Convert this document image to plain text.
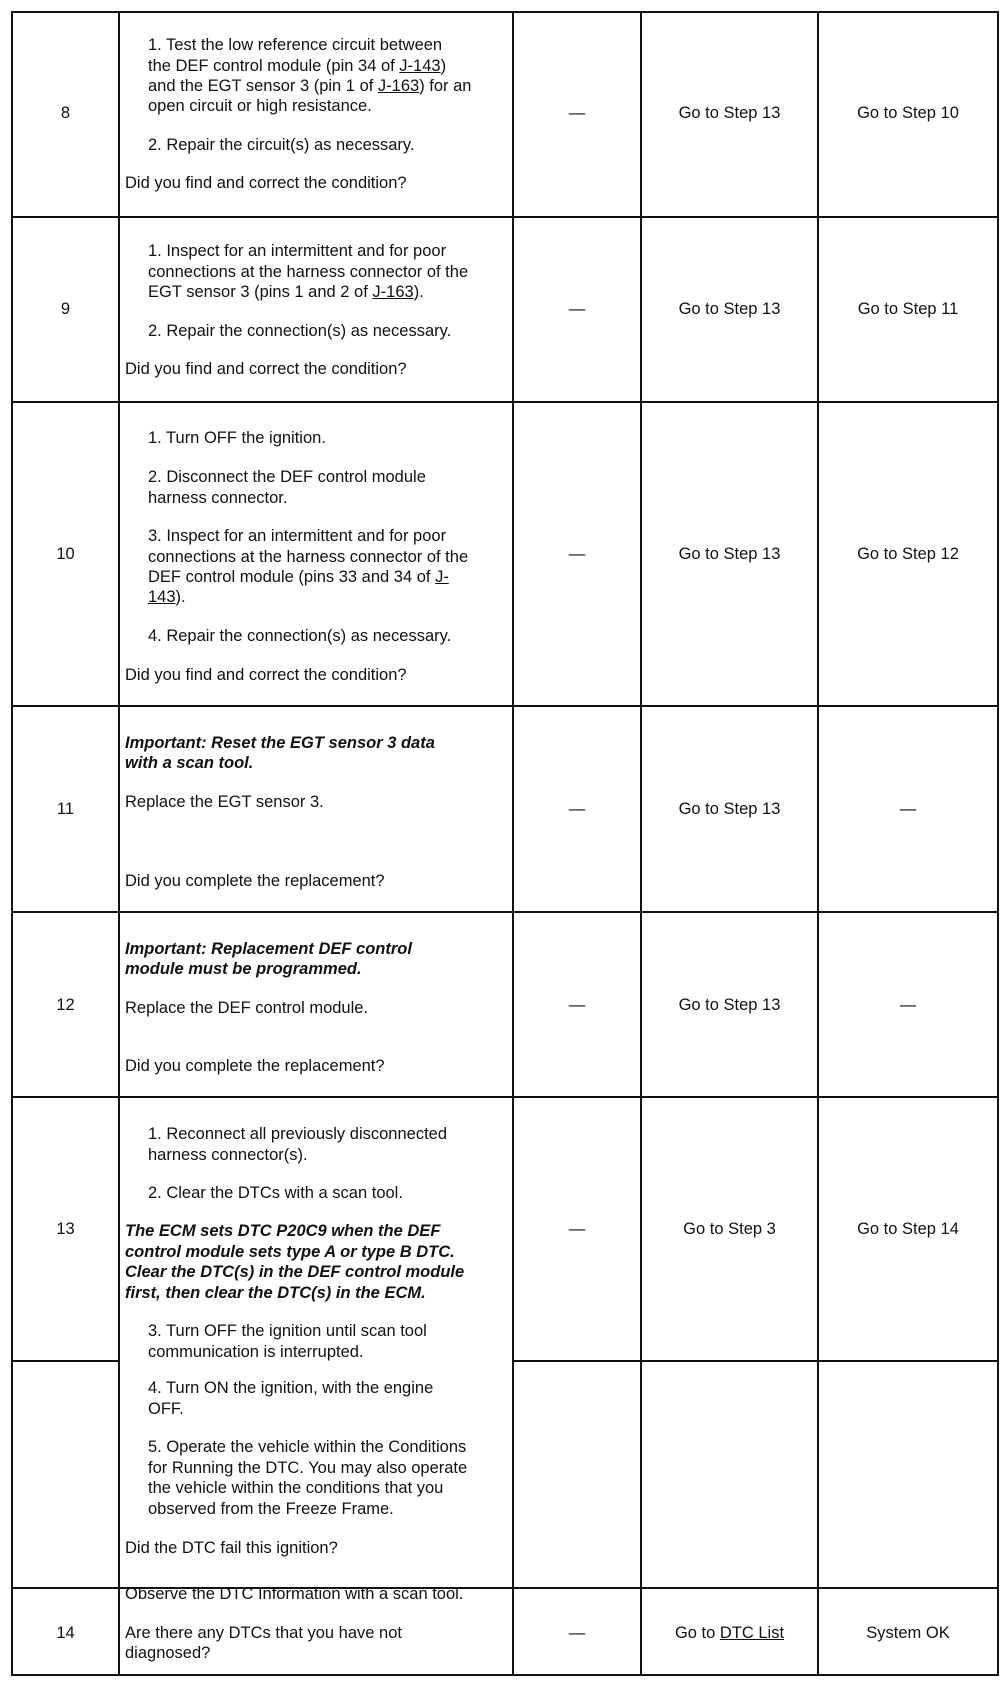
8
1. Test the low reference circuit between
the DEF control module (pin 34 of J-143)
and the EGT sensor 3 (pin 1 of J-163) for an
open circuit or high resistance.
2. Repair the circuit(s) as necessary.
Did you find and correct the condition?
—	Go to Step 13	Go to Step 10
9
1. Inspect for an intermittent and for poor
connections at the harness connector of the
EGT sensor 3 (pins 1 and 2 of J-163).
2. Repair the connection(s) as necessary.
Did you find and correct the condition?
—	Go to Step 13	Go to Step 11
10
1. Turn OFF the ignition.
2. Disconnect the DEF control module
harness connector.
3. Inspect for an intermittent and for poor
connections at the harness connector of the
DEF control module (pins 33 and 34 of J-
143).
4. Repair the connection(s) as necessary.
Did you find and correct the condition?
—	Go to Step 13	Go to Step 12
11
Important: Reset the EGT sensor 3 data
with a scan tool.
Replace the EGT sensor 3.
Did you complete the replacement?
—	Go to Step 13	—
12
Important: Replacement DEF control
module must be programmed.
Replace the DEF control module.
Did you complete the replacement?
—	Go to Step 13	—
13
1. Reconnect all previously disconnected
harness connector(s).
2. Clear the DTCs with a scan tool.
The ECM sets DTC P20C9 when the DEF
control module sets type A or type B DTC.
Clear the DTC(s) in the DEF control module
first, then clear the DTC(s) in the ECM.
3. Turn OFF the ignition until scan tool
communication is interrupted.
4. Turn ON the ignition, with the engine
OFF.
5. Operate the vehicle within the Conditions
for Running the DTC. You may also operate
the vehicle within the conditions that you
observed from the Freeze Frame.
Did the DTC fail this ignition?
—	Go to Step 3	Go to Step 14
14
Observe the DTC Information with a scan tool.
Are there any DTCs that you have not
diagnosed?
—	Go to DTC List	System OK
